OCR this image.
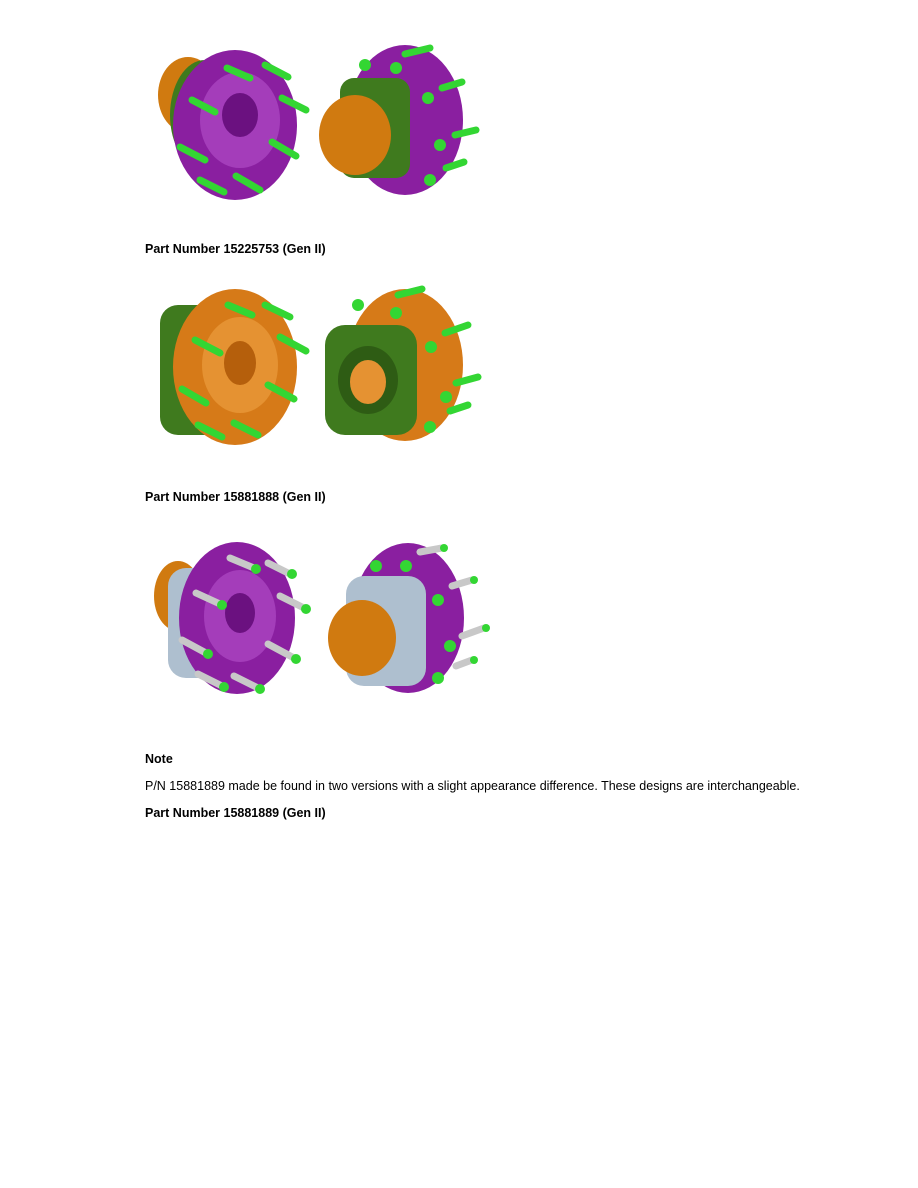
Part Number 15225753 (Gen II)
Part Number 15881888 (Gen II)
Note
P/N 15881889 made be found in two versions with a slight appearance difference. These designs are interchangeable.
Part Number 15881889 (Gen II)
